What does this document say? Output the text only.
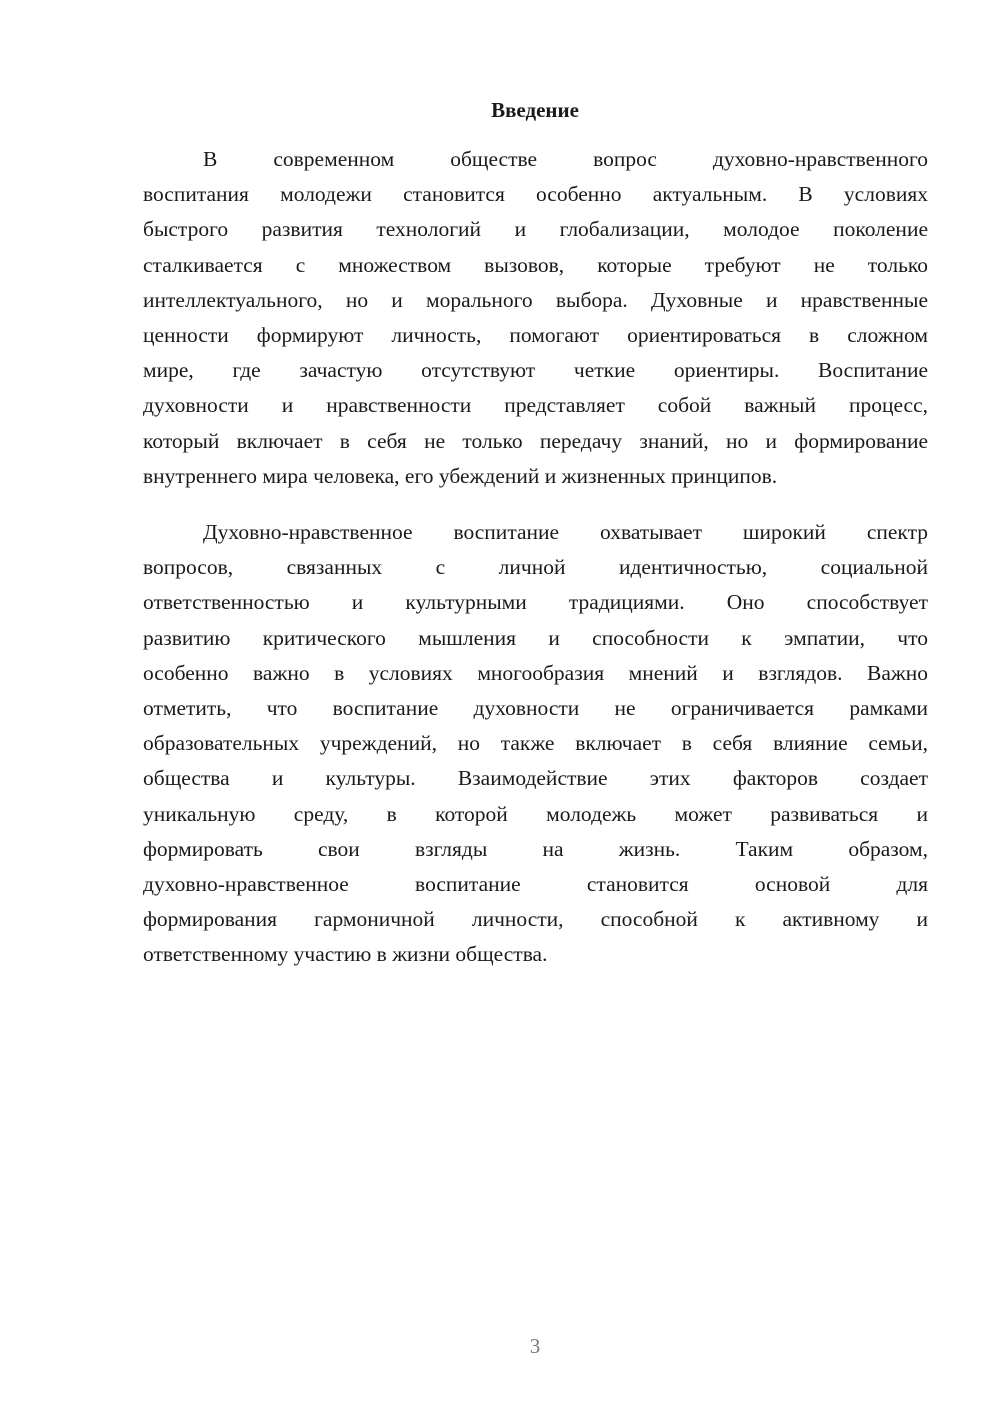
Введение
В современном обществе вопрос духовно-нравственного
воспитания молодежи становится особенно актуальным. В условиях
быстрого развития технологий и глобализации, молодое поколение
сталкивается с множеством вызовов, которые требуют не только
интеллектуального, но и морального выбора. Духовные и нравственные
ценности формируют личность, помогают ориентироваться в сложном
мире, где зачастую отсутствуют четкие ориентиры. Воспитание
духовности и нравственности представляет собой важный процесс,
который включает в себя не только передачу знаний, но и формирование
внутреннего мира человека, его убеждений и жизненных принципов.
Духовно-нравственное воспитание охватывает широкий спектр
вопросов, связанных с личной идентичностью, социальной
ответственностью и культурными традициями. Оно способствует
развитию критического мышления и способности к эмпатии, что
особенно важно в условиях многообразия мнений и взглядов. Важно
отметить, что воспитание духовности не ограничивается рамками
образовательных учреждений, но также включает в себя влияние семьи,
общества и культуры. Взаимодействие этих факторов создает
уникальную среду, в которой молодежь может развиваться и
формировать свои взгляды на жизнь. Таким образом,
духовно-нравственное воспитание становится основой для
формирования гармоничной личности, способной к активному и
ответственному участию в жизни общества.
3
